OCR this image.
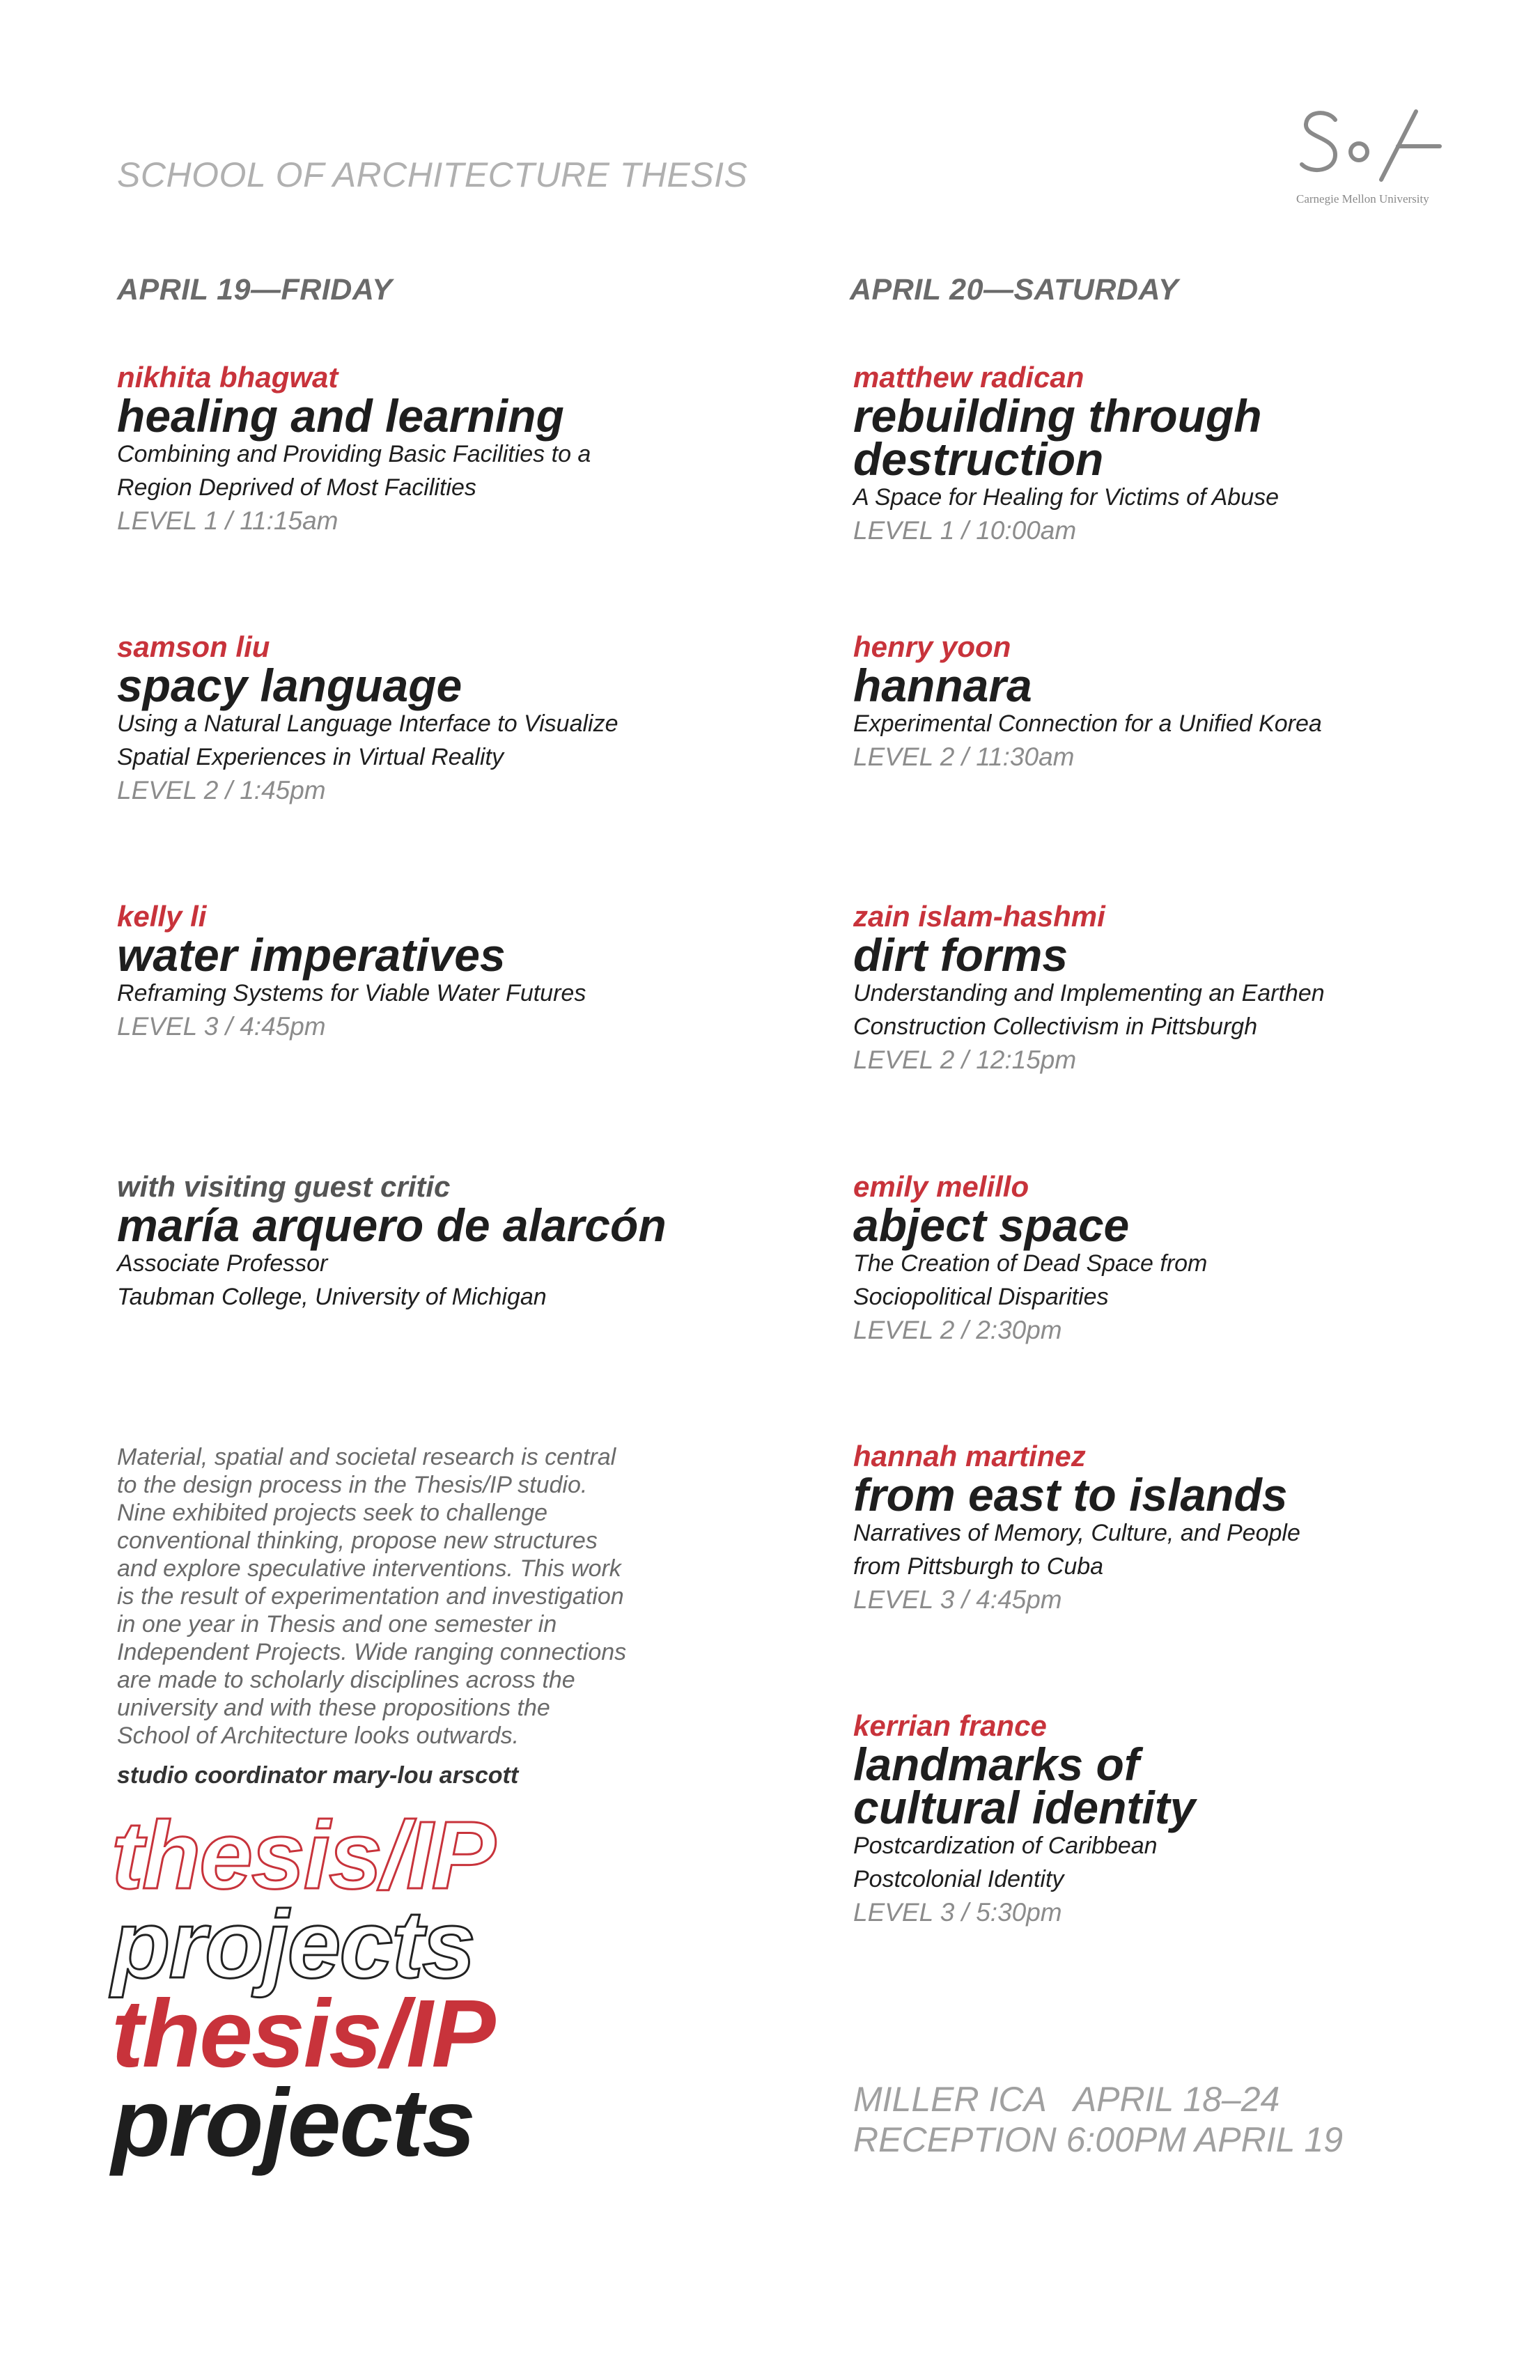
SCHOOL OF ARCHITECTURE THESIS
Carnegie Mellon University
APRIL 19—FRIDAY	APRIL 20—SATURDAY
nikhita bhagwat
healing and learning
Combining and Providing Basic Facilities to a
Region Deprived of Most Facilities
LEVEL 1 / 11:15am
samson liu
spacy language
Using a Natural Language Interface to Visualize
Spatial Experiences in Virtual Reality
LEVEL 2 / 1:45pm
kelly li
water imperatives
Reframing Systems for Viable Water Futures
LEVEL 3 / 4:45pm
with visiting guest critic
maría arquero de alarcón
Associate Professor
Taubman College, University of Michigan
matthew radican
rebuilding through
destruction
A Space for Healing for Victims of Abuse
LEVEL 1 / 10:00am
henry yoon
hannara
Experimental Connection for a Unified Korea
LEVEL 2 / 11:30am
zain islam-hashmi
dirt forms
Understanding and Implementing an Earthen
Construction Collectivism in Pittsburgh
LEVEL 2 / 12:15pm
emily melillo
abject space
The Creation of Dead Space from
Sociopolitical Disparities
LEVEL 2 / 2:30pm
hannah martinez
from east to islands
Narratives of Memory, Culture, and People
from Pittsburgh to Cuba
LEVEL 3 / 4:45pm
kerrian france
landmarks of
cultural identity
Postcardization of Caribbean
Postcolonial Identity
LEVEL 3 / 5:30pm
Material, spatial and societal research is central
to the design process in the Thesis/IP studio.
Nine exhibited projects seek to challenge
conventional thinking, propose new structures
and explore speculative interventions. This work
is the result of experimentation and investigation
in one year in Thesis and one semester in
Independent Projects. Wide ranging connections
are made to scholarly disciplines across the
university and with these propositions the
School of Architecture looks outwards.
studio coordinator mary-lou arscott
thesis/IP
projects
thesis/IP
projects	MILLER ICA   APRIL 18–24
RECEPTION 6:00PM APRIL 19
